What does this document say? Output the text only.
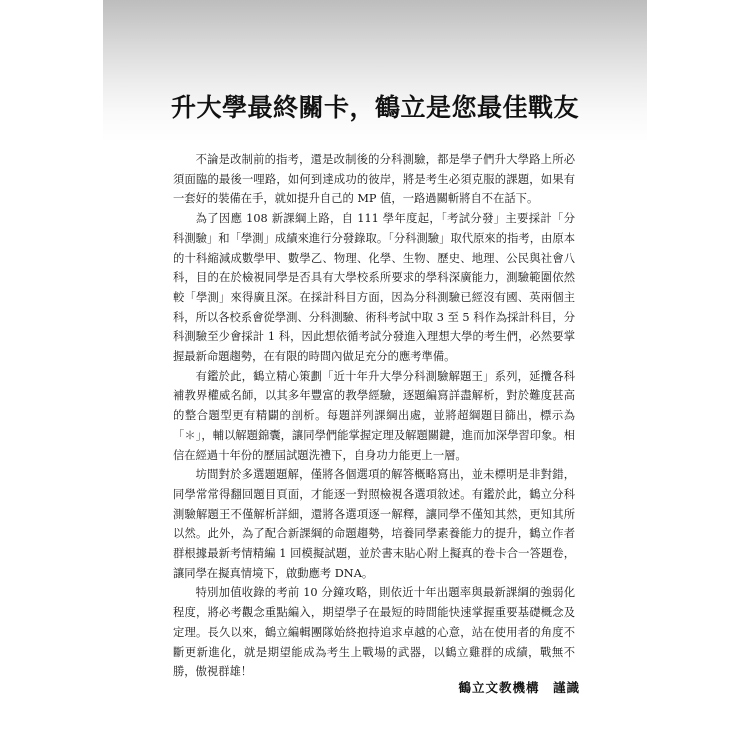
升大學最終關卡，鶴立是您最佳戰友

不論是改制前的指考，還是改制後的分科測驗，都是學子們升大學路上所必須面臨的最後一哩路，如何到達成功的彼岸，將是考生必須克服的課題，如果有一套好的裝備在手，就如提升自己的 MP 值，一路過關斬將自不在話下。

為了因應 108 新課綱上路，自 111 學年度起，「考試分發」主要採計「分科測驗」和「學測」成績來進行分發錄取。「分科測驗」取代原來的指考，由原本的十科縮減成數學甲、數學乙、物理、化學、生物、歷史、地理、公民與社會八科，目的在於檢視同學是否具有大學校系所要求的學科深廣能力，測驗範圍依然較「學測」來得廣且深。在採計科目方面，因為分科測驗已經沒有國、英兩個主科，所以各校系會從學測、分科測驗、術科考試中取 3 至 5 科作為採計科目，分科測驗至少會採計 1 科，因此想依循考試分發進入理想大學的考生們，必然要掌握最新命題趨勢，在有限的時間內做足充分的應考準備。

有鑑於此，鶴立精心策劃「近十年升大學分科測驗解題王」系列，延攬各科補教界權威名師，以其多年豐富的教學經驗，逐題編寫詳盡解析，對於難度甚高的整合題型更有精闢的剖析。每題詳列課綱出處，並將超綱題目篩出，標示為「＊」，輔以解題錦囊，讓同學們能掌握定理及解題關鍵，進而加深學習印象。相信在經過十年份的歷屆試題洗禮下，自身功力能更上一層。

坊間對於多選題題解，僅將各個選項的解答概略寫出，並未標明是非對錯，同學常常得翻回題目頁面，才能逐一對照檢視各選項敘述。有鑑於此，鶴立分科測驗解題王不僅解析詳細，還將各選項逐一解釋，讓同學不僅知其然，更知其所以然。此外，為了配合新課綱的命題趨勢，培養同學素養能力的提升，鶴立作者群根據最新考情精編 1 回模擬試題，並於書末貼心附上擬真的卷卡合一答題卷，讓同學在擬真情境下，啟動應考 DNA。

特別加值收錄的考前 10 分鐘攻略，則依近十年出題率與最新課綱的強弱化程度，將必考觀念重點編入，期望學子在最短的時間能快速掌握重要基礎概念及定理。長久以來，鶴立編輯團隊始終抱持追求卓越的心意，站在使用者的角度不斷更新進化，就是期望能成為考生上戰場的武器，以鶴立雞群的成績，戰無不勝，傲視群雄！

鶴立文教機構　謹識
